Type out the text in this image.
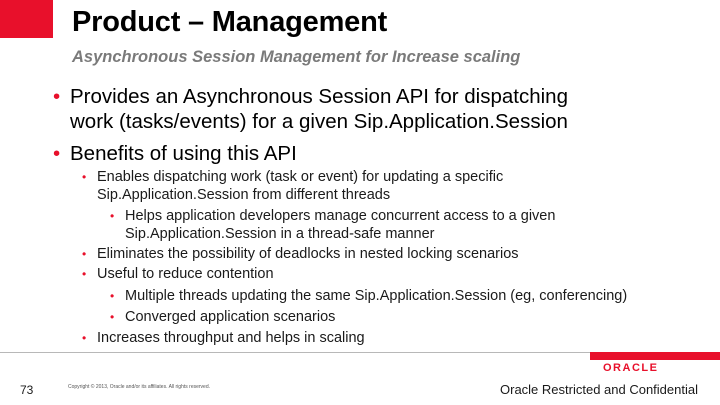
Product – Management
Asynchronous Session Management for Increase scaling
• Provides an Asynchronous Session API for dispatching
work (tasks/events) for a given Sip.Application.Session
• Benefits of using this API
• Enables dispatching work (task or event) for updating a specific
Sip.Application.Session from different threads
• Helps application developers manage concurrent access to a given
Sip.Application.Session in a thread-safe manner
• Eliminates the possibility of deadlocks in nested locking scenarios
• Useful to reduce contention
• Multiple threads updating the same Sip.Application.Session (eg, conferencing)
• Converged application scenarios
• Increases throughput and helps in scaling
ORACLE
73	Copyright © 2013, Oracle and/or its affiliates. All rights reserved.	Oracle Restricted and Confidential
